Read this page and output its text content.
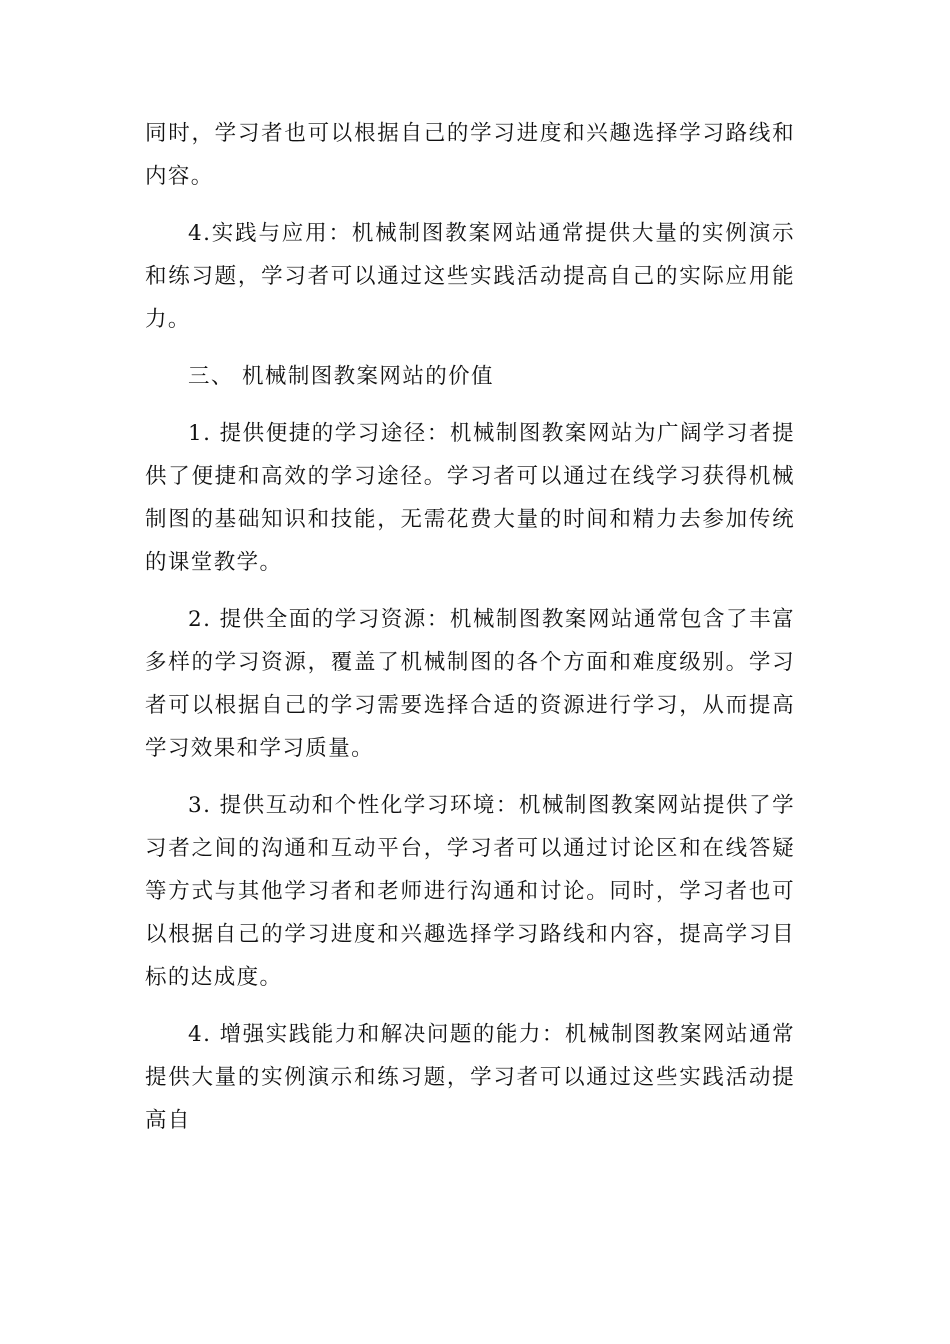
同时，学习者也可以根据自己的学习进度和兴趣选择学习路线和内容。

4.实践与应用：机械制图教案网站通常提供大量的实例演示和练习题，学习者可以通过这些实践活动提高自己的实际应用能力。

三、 机械制图教案网站的价值

1. 提供便捷的学习途径：机械制图教案网站为广阔学习者提供了便捷和高效的学习途径。学习者可以通过在线学习获得机械制图的基础知识和技能，无需花费大量的时间和精力去参加传统的课堂教学。

2. 提供全面的学习资源：机械制图教案网站通常包含了丰富多样的学习资源，覆盖了机械制图的各个方面和难度级别。学习者可以根据自己的学习需要选择合适的资源进行学习，从而提高学习效果和学习质量。

3. 提供互动和个性化学习环境：机械制图教案网站提供了学习者之间的沟通和互动平台，学习者可以通过讨论区和在线答疑等方式与其他学习者和老师进行沟通和讨论。同时，学习者也可以根据自己的学习进度和兴趣选择学习路线和内容，提高学习目标的达成度。

4. 增强实践能力和解决问题的能力：机械制图教案网站通常提供大量的实例演示和练习题，学习者可以通过这些实践活动提高自
